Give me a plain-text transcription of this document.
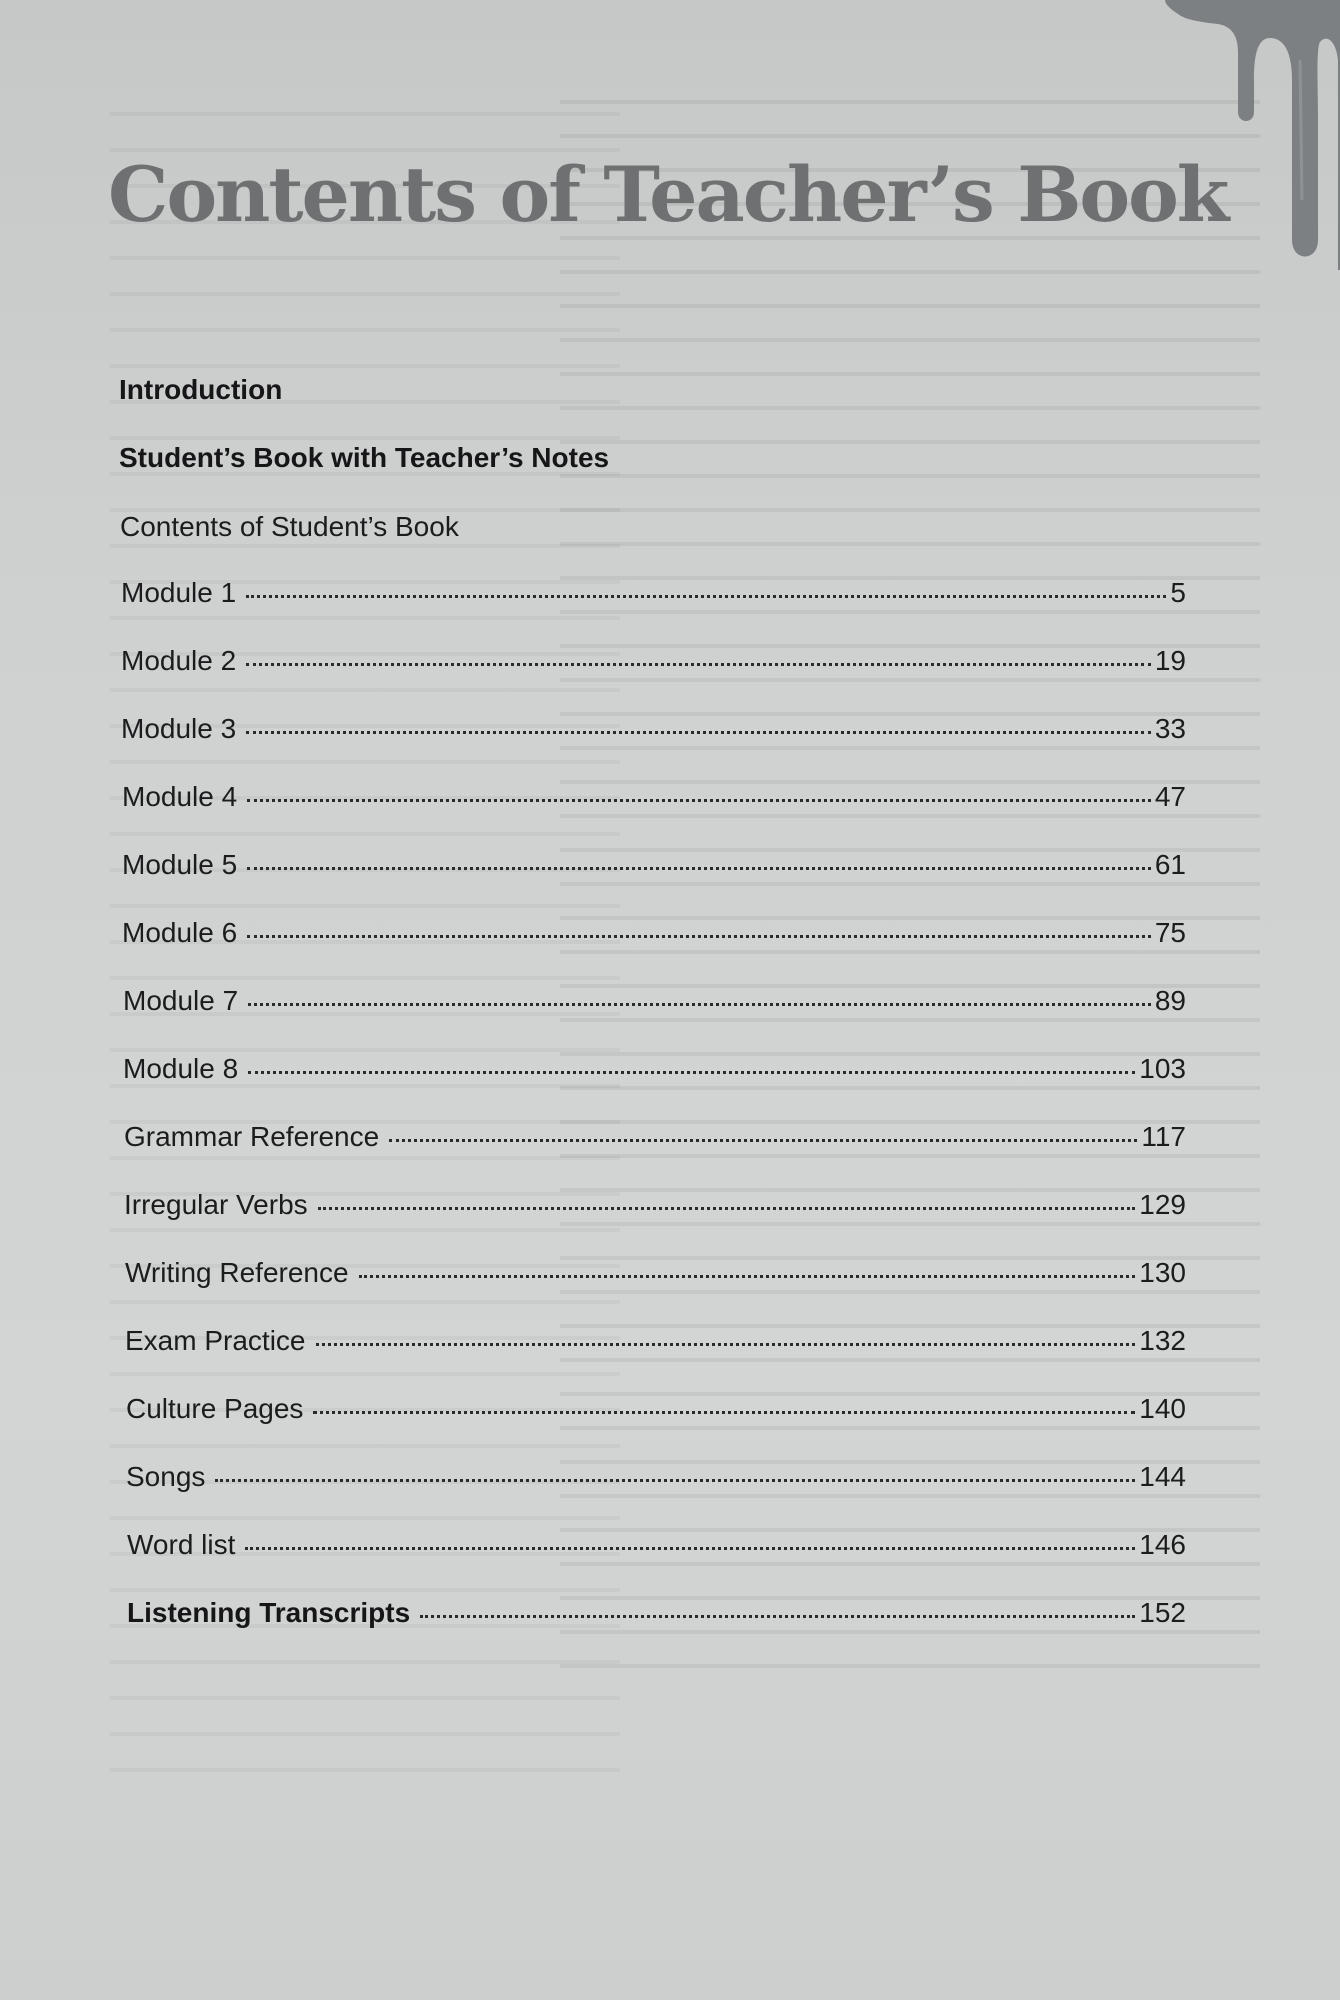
Contents of Teacher’s Book
Introduction
Student’s Book with Teacher’s Notes
Contents of Student’s Book
Module 1	5
Module 2	19
Module 3	33
Module 4	47
Module 5	61
Module 6	75
Module 7	89
Module 8	103
Grammar Reference	117
Irregular Verbs	129
Writing Reference	130
Exam Practice	132
Culture Pages	140
Songs	144
Word list	146
Listening Transcripts	152
